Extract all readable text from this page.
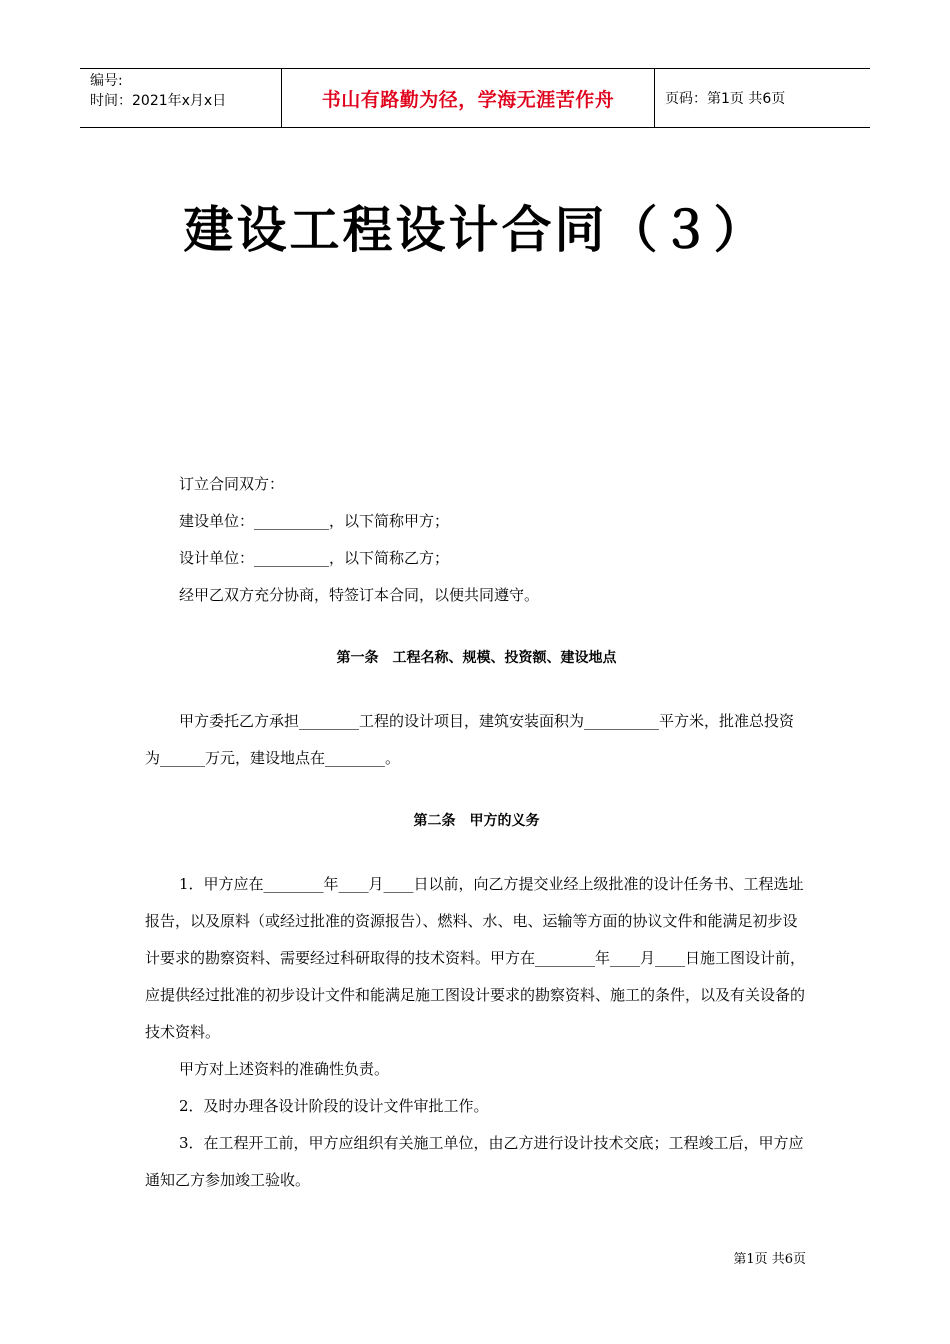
编号:
时间：2021年x月x日	书山有路勤为径，学海无涯苦作舟	页码：第1页 共6页
建设工程设计合同（３）

订立合同双方：

建设单位：__________，以下简称甲方；

设计单位：__________，以下简称乙方；

经甲乙双方充分协商，特签订本合同，以便共同遵守。

第一条　工程名称、规模、投资额、建设地点

甲方委托乙方承担________工程的设计项目，建筑安装面积为__________平方米，批准总投资为______万元，建设地点在________。

第二条　甲方的义务

1．甲方应在________年____月____日以前，向乙方提交业经上级批准的设计任务书、工程选址报告，以及原料（或经过批准的资源报告）、燃料、水、电、运输等方面的协议文件和能满足初步设计要求的勘察资料、需要经过科研取得的技术资料。甲方在________年____月____日施工图设计前，应提供经过批准的初步设计文件和能满足施工图设计要求的勘察资料、施工的条件，以及有关设备的技术资料。

甲方对上述资料的准确性负责。

2．及时办理各设计阶段的设计文件审批工作。

3．在工程开工前，甲方应组织有关施工单位，由乙方进行设计技术交底；工程竣工后，甲方应通知乙方参加竣工验收。

第1页 共6页
